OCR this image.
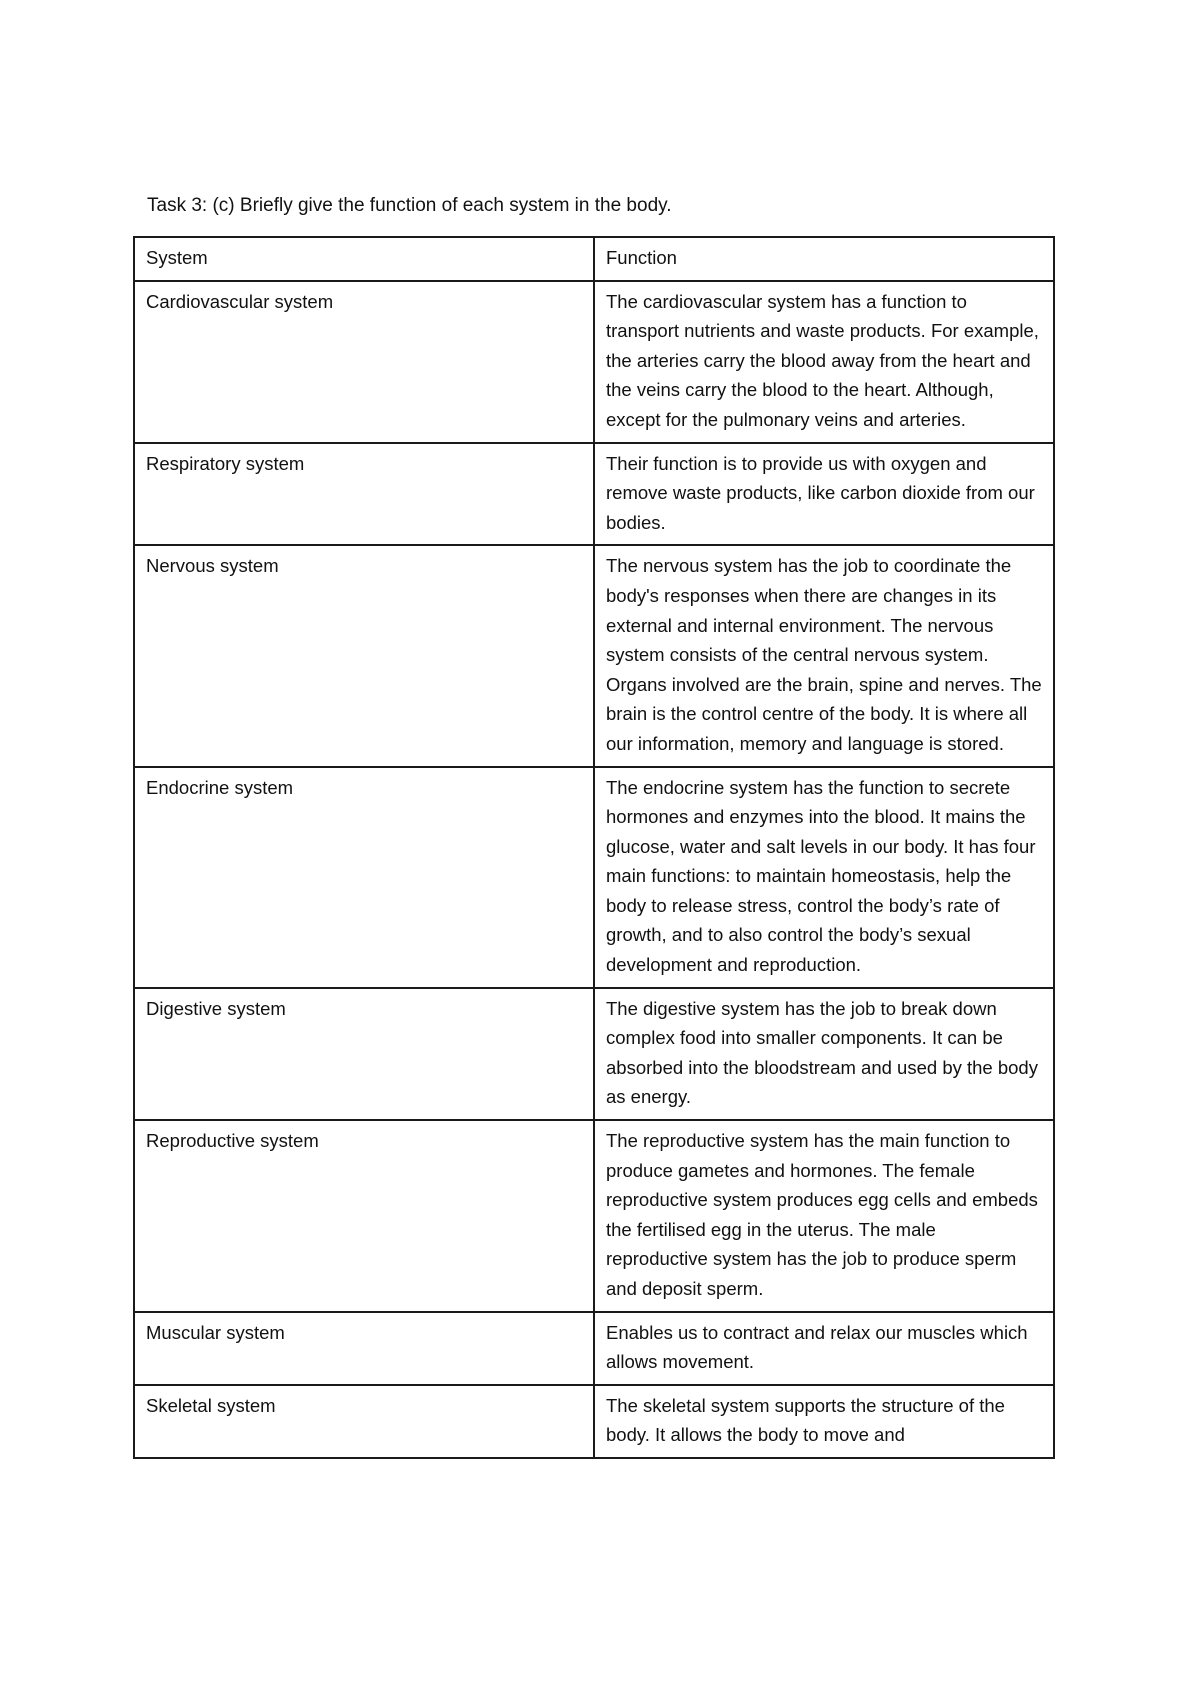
Task 3: (c) Briefly give the function of each system in the body.
System	Function
Cardiovascular system	The cardiovascular system has a function to transport nutrients and waste products. For example, the arteries carry the blood away from the heart and the veins carry the blood to the heart. Although, except for the pulmonary veins and arteries.
Respiratory system	Their function is to provide us with oxygen and remove waste products, like carbon dioxide from our bodies.
Nervous system	The nervous system has the job to coordinate the body's responses when there are changes in its external and internal environment. The nervous system consists of the central nervous system. Organs involved are the brain, spine and nerves. The brain is the control centre of the body. It is where all our information, memory and language is stored.
Endocrine system	The endocrine system has the function to secrete hormones and enzymes into the blood. It mains the glucose, water and salt levels in our body. It has four main functions: to maintain homeostasis, help the body to release stress, control the body’s rate of growth, and to also control the body’s sexual development and reproduction.
Digestive system	The digestive system has the job to break down complex food into smaller components. It can be absorbed into the bloodstream and used by the body as energy.
Reproductive system	The reproductive system has the main function to produce gametes and hormones. The female reproductive system produces egg cells and embeds the fertilised egg in the uterus. The male reproductive system has the job to produce sperm and deposit sperm.
Muscular system	Enables us to contract and relax our muscles which allows movement.
Skeletal system	The skeletal system supports the structure of the body. It allows the body to move and
